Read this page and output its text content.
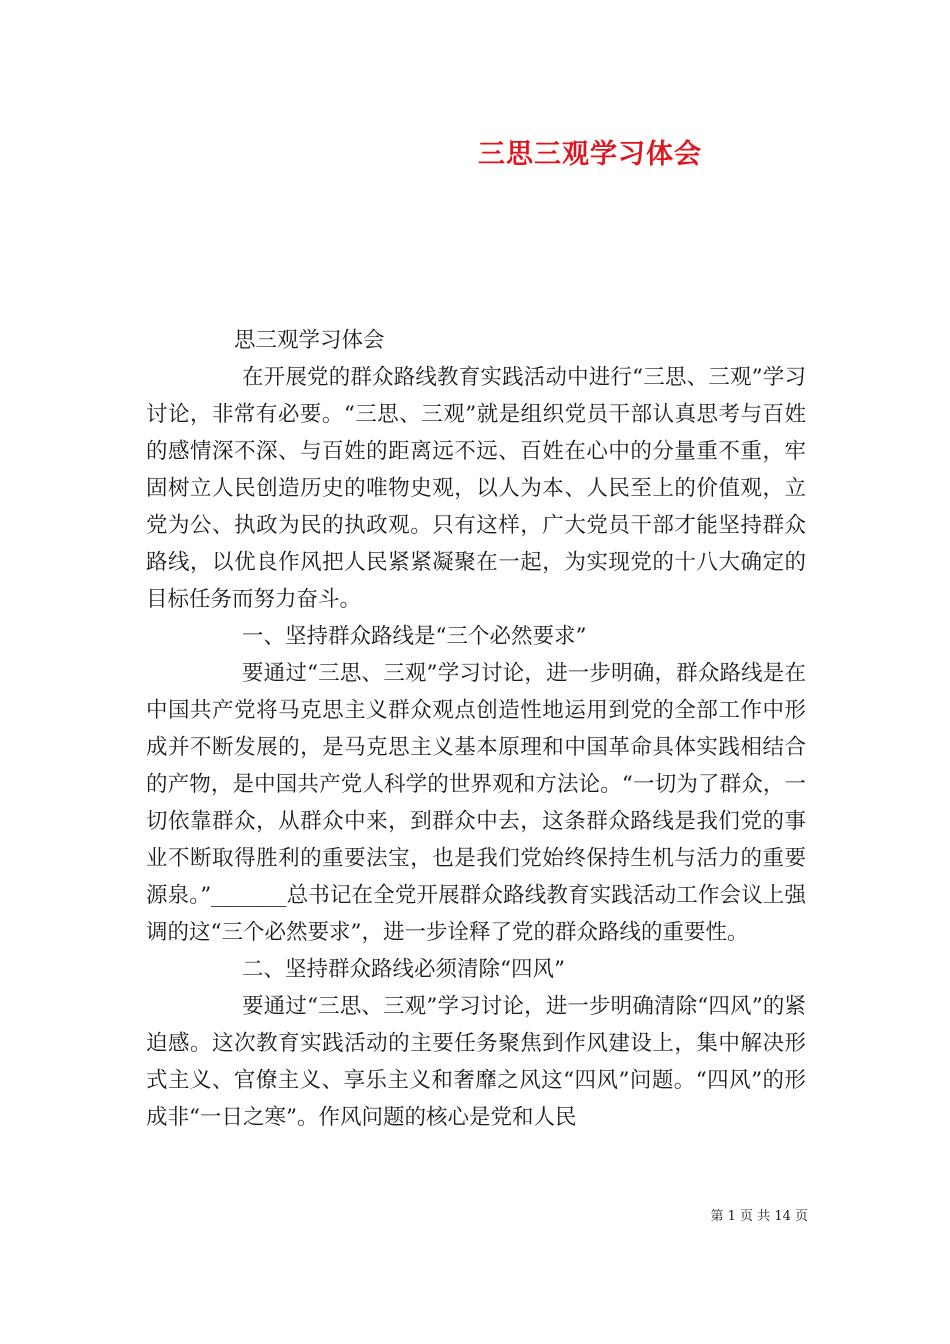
三思三观学习体会

思三观学习体会

在开展党的群众路线教育实践活动中进行“三思、三观”学习讨论，非常有必要。“三思、三观”就是组织党员干部认真思考与百姓的感情深不深、与百姓的距离远不远、百姓在心中的分量重不重，牢固树立人民创造历史的唯物史观，以人为本、人民至上的价值观，立党为公、执政为民的执政观。只有这样，广大党员干部才能坚持群众路线，以优良作风把人民紧紧凝聚在一起，为实现党的十八大确定的目标任务而努力奋斗。

一、坚持群众路线是“三个必然要求”

要通过“三思、三观”学习讨论，进一步明确，群众路线是在中国共产党将马克思主义群众观点创造性地运用到党的全部工作中形成并不断发展的，是马克思主义基本原理和中国革命具体实践相结合的产物，是中国共产党人科学的世界观和方法论。“一切为了群众，一切依靠群众，从群众中来，到群众中去，这条群众路线是我们党的事业不断取得胜利的重要法宝，也是我们党始终保持生机与活力的重要源泉。”_______总书记在全党开展群众路线教育实践活动工作会议上强调的这“三个必然要求”，进一步诠释了党的群众路线的重要性。

二、坚持群众路线必须清除“四风”

要通过“三思、三观”学习讨论，进一步明确清除“四风”的紧迫感。这次教育实践活动的主要任务聚焦到作风建设上，集中解决形式主义、官僚主义、享乐主义和奢靡之风这“四风”问题。“四风”的形成非“一日之寒”。作风问题的核心是党和人民

第 1 页 共 14 页
